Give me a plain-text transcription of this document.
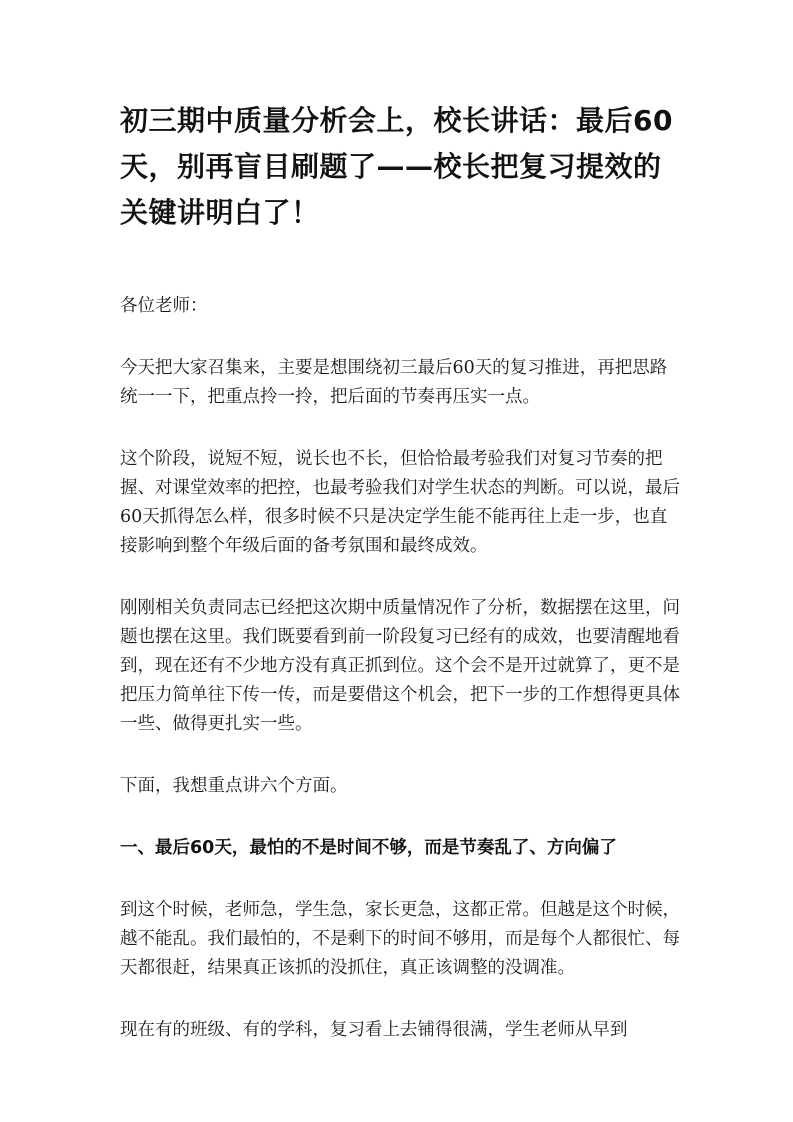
初三期中质量分析会上，校长讲话：最后60天，别再盲目刷题了——校长把复习提效的关键讲明白了！

各位老师：

今天把大家召集来，主要是想围绕初三最后60天的复习推进，再把思路统一一下，把重点拎一拎，把后面的节奏再压实一点。

这个阶段，说短不短，说长也不长，但恰恰最考验我们对复习节奏的把握、对课堂效率的把控，也最考验我们对学生状态的判断。可以说，最后60天抓得怎么样，很多时候不只是决定学生能不能再往上走一步，也直接影响到整个年级后面的备考氛围和最终成效。

刚刚相关负责同志已经把这次期中质量情况作了分析，数据摆在这里，问题也摆在这里。我们既要看到前一阶段复习已经有的成效，也要清醒地看到，现在还有不少地方没有真正抓到位。这个会不是开过就算了，更不是把压力简单往下传一传，而是要借这个机会，把下一步的工作想得更具体一些、做得更扎实一些。

下面，我想重点讲六个方面。

一、最后60天，最怕的不是时间不够，而是节奏乱了、方向偏了

到这个时候，老师急，学生急，家长更急，这都正常。但越是这个时候，越不能乱。我们最怕的，不是剩下的时间不够用，而是每个人都很忙、每天都很赶，结果真正该抓的没抓住，真正该调整的没调准。

现在有的班级、有的学科，复习看上去铺得很满，学生老师从早到
